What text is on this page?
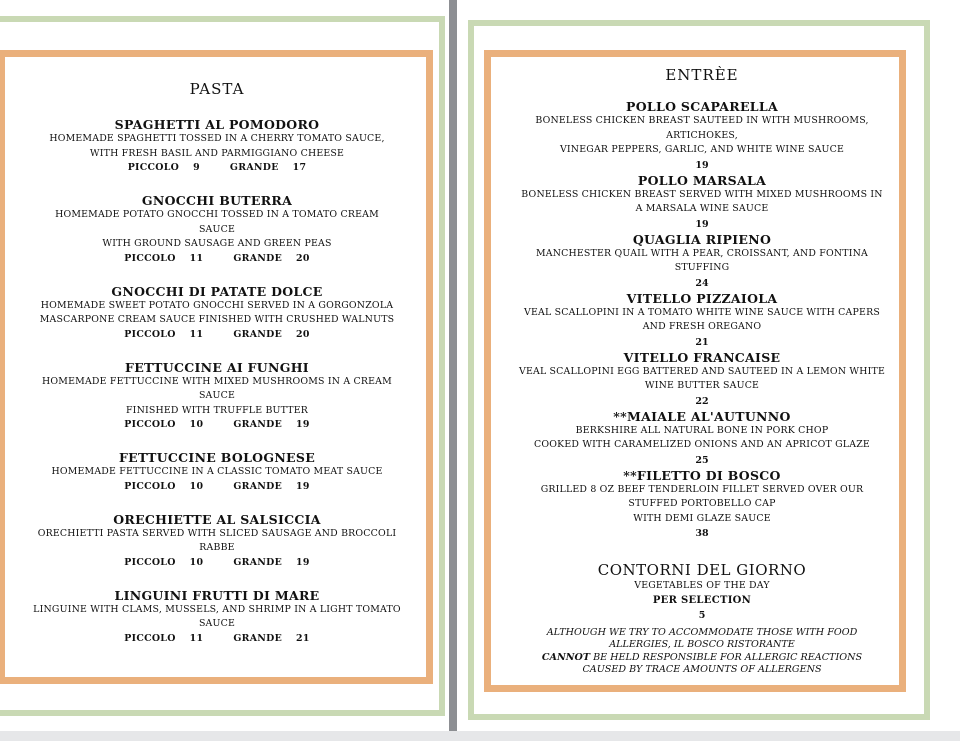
PASTA
SPAGHETTI AL POMODORO
HOMEMADE SPAGHETTI TOSSED IN A CHERRY TOMATO SAUCE,
WITH FRESH BASIL AND PARMIGGIANO CHEESE
PICCOLO 9	GRANDE 17
GNOCCHI BUTERRA
HOMEMADE POTATO GNOCCHI TOSSED IN A TOMATO CREAM
SAUCE
WITH GROUND SAUSAGE AND GREEN PEAS
PICCOLO 11	GRANDE 20
GNOCCHI DI PATATE DOLCE
HOMEMADE SWEET POTATO GNOCCHI SERVED IN A GORGONZOLA
MASCARPONE CREAM SAUCE FINISHED WITH CRUSHED WALNUTS
PICCOLO 11	GRANDE 20
FETTUCCINE AI FUNGHI
HOMEMADE FETTUCCINE WITH MIXED MUSHROOMS IN A CREAM
SAUCE
FINISHED WITH TRUFFLE BUTTER
PICCOLO 10	GRANDE 19
FETTUCCINE BOLOGNESE
HOMEMADE FETTUCCINE IN A CLASSIC TOMATO MEAT SAUCE
PICCOLO 10	GRANDE 19
ORECHIETTE AL SALSICCIA
ORECHIETTI PASTA SERVED WITH SLICED SAUSAGE AND BROCCOLI
RABBE
PICCOLO 10	GRANDE 19
LINGUINI FRUTTI DI MARE
LINGUINE WITH CLAMS, MUSSELS, AND SHRIMP IN A LIGHT TOMATO
SAUCE
PICCOLO 11	GRANDE 21
ENTRÈE
POLLO SCAPARELLA
BONELESS CHICKEN BREAST SAUTEED IN WITH MUSHROOMS,
ARTICHOKES,
VINEGAR PEPPERS, GARLIC, AND WHITE WINE SAUCE
19
POLLO MARSALA
BONELESS CHICKEN BREAST SERVED WITH MIXED MUSHROOMS IN
A MARSALA WINE SAUCE
19
QUAGLIA RIPIENO
MANCHESTER QUAIL WITH A PEAR, CROISSANT, AND FONTINA
STUFFING
24
VITELLO PIZZAIOLA
VEAL SCALLOPINI IN A TOMATO WHITE WINE SAUCE WITH CAPERS
AND FRESH OREGANO
21
VITELLO FRANCAISE
VEAL SCALLOPINI EGG BATTERED AND SAUTEED IN A LEMON WHITE
WINE BUTTER SAUCE
22
**MAIALE AL'AUTUNNO
BERKSHIRE ALL NATURAL BONE IN PORK CHOP
COOKED WITH CARAMELIZED ONIONS AND AN APRICOT GLAZE
25
**FILETTO DI BOSCO
GRILLED 8 OZ BEEF TENDERLOIN FILLET SERVED OVER OUR
STUFFED PORTOBELLO CAP
WITH DEMI GLAZE SAUCE
38
CONTORNI DEL GIORNO
VEGETABLES OF THE DAY
PER SELECTION
5
ALTHOUGH WE TRY TO ACCOMMODATE THOSE WITH FOOD
ALLERGIES, IL BOSCO RISTORANTE
CANNOT BE HELD RESPONSIBLE FOR ALLERGIC REACTIONS
CAUSED BY TRACE AMOUNTS OF ALLERGENS
